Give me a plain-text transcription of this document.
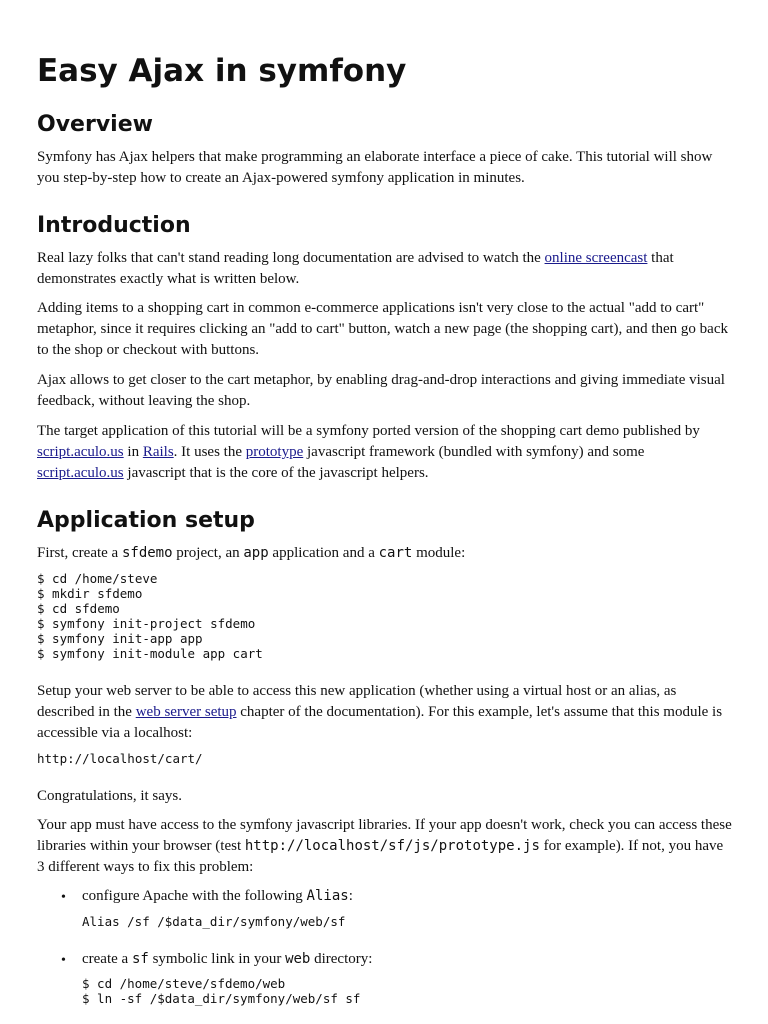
Easy Ajax in symfony
Overview

Symfony has Ajax helpers that make programming an elaborate interface a piece of cake. This tutorial will show you step-by-step how to create an Ajax-powered symfony application in minutes.

Introduction

Real lazy folks that can't stand reading long documentation are advised to watch the online screencast that demonstrates exactly what is written below.

Adding items to a shopping cart in common e-commerce applications isn't very close to the actual "add to cart" metaphor, since it requires clicking an "add to cart" button, watch a new page (the shopping cart), and then go back to the shop or checkout with buttons.

Ajax allows to get closer to the cart metaphor, by enabling drag-and-drop interactions and giving immediate visual feedback, without leaving the shop.

The target application of this tutorial will be a symfony ported version of the shopping cart demo published by script.aculo.us in Rails. It uses the prototype javascript framework (bundled with symfony) and some script.aculo.us javascript that is the core of the javascript helpers.

Application setup

First, create a sfdemo project, an app application and a cart module:

$ cd /home/steve
$ mkdir sfdemo
$ cd sfdemo
$ symfony init-project sfdemo
$ symfony init-app app
$ symfony init-module app cart

Setup your web server to be able to access this new application (whether using a virtual host or an alias, as described in the web server setup chapter of the documentation). For this example, let's assume that this module is accessible via a localhost:

http://localhost/cart/

Congratulations, it says.

Your app must have access to the symfony javascript libraries. If your app doesn't work, check you can access these libraries within your browser (test http://localhost/sf/js/prototype.js for example). If not, you have 3 different ways to fix this problem:

• configure Apache with the following Alias:
Alias /sf /$data_dir/symfony/web/sf
• create a sf symbolic link in your web directory:
$ cd /home/steve/sfdemo/web
$ ln -sf /$data_dir/symfony/web/sf sf
